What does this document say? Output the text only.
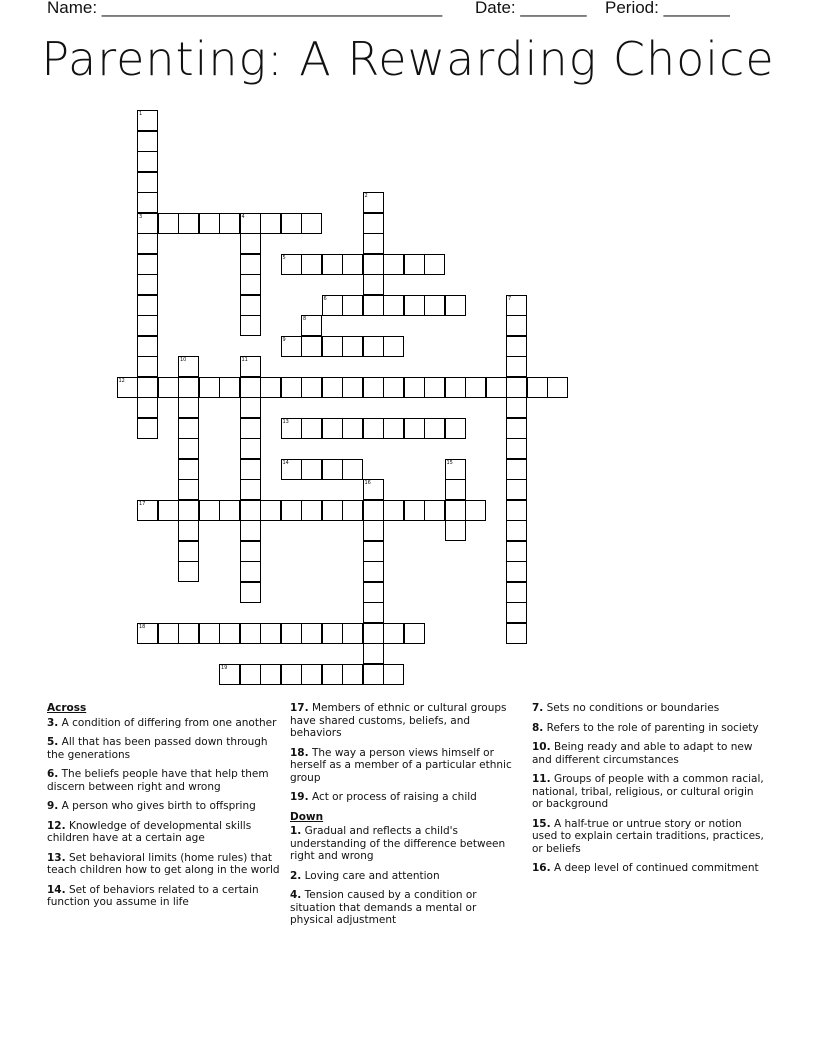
Name: ____________________________________ Date: _______ Period: _______
Parenting: A Rewarding Choice
1
3
2
4
5
6	7
8
9
10	11
12
13
14	15
16
17
18
19
Across
3. A condition of differing from one another
5. All that has been passed down through the generations
6. The beliefs people have that help them discern between right and wrong
9. A person who gives birth to offspring
12. Knowledge of developmental skills children have at a certain age
13. Set behavioral limits (home rules) that teach children how to get along in the world
14. Set of behaviors related to a certain function you assume in life
17. Members of ethnic or cultural groups have shared customs, beliefs, and behaviors
18. The way a person views himself or herself as a member of a particular ethnic group
19. Act or process of raising a child
Down
1. Gradual and reflects a child's understanding of the difference between right and wrong
2. Loving care and attention
4. Tension caused by a condition or situation that demands a mental or physical adjustment
7. Sets no conditions or boundaries
8. Refers to the role of parenting in society
10. Being ready and able to adapt to new and different circumstances
11. Groups of people with a common racial, national, tribal, religious, or cultural origin or background
15. A half-true or untrue story or notion used to explain certain traditions, practices, or beliefs
16. A deep level of continued commitment
